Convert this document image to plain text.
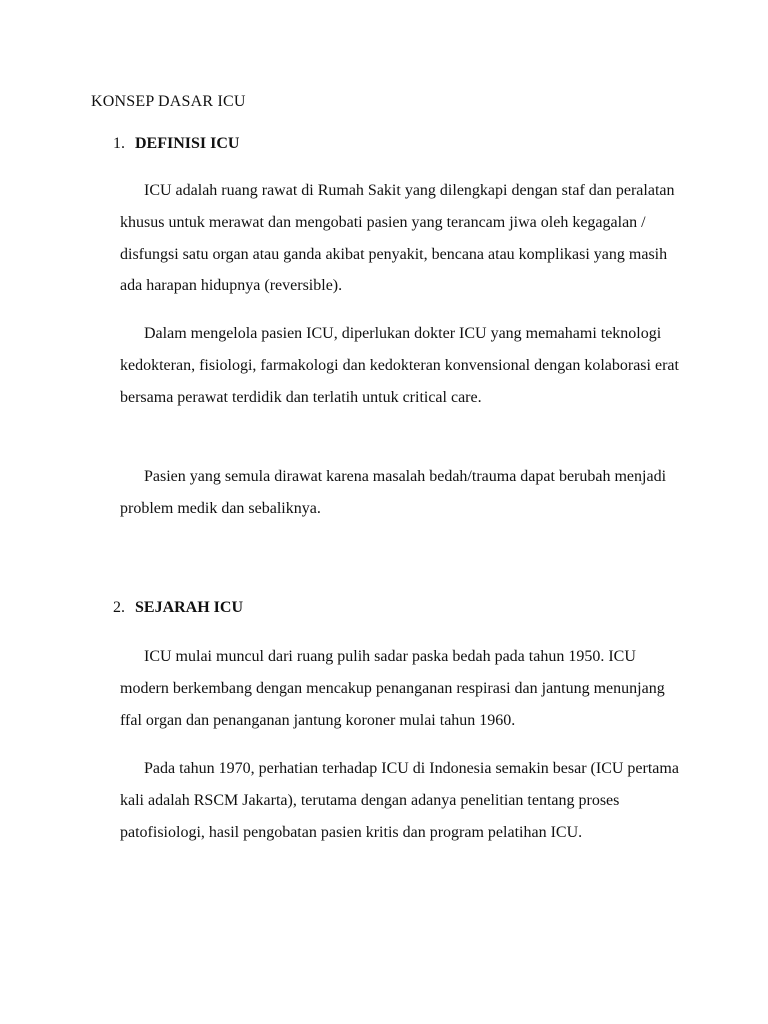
KONSEP DASAR ICU
1. DEFINISI ICU

ICU adalah ruang rawat di Rumah Sakit yang dilengkapi dengan staf dan peralatan khusus untuk merawat dan mengobati pasien yang terancam jiwa oleh kegagalan / disfungsi satu organ atau ganda akibat penyakit, bencana atau komplikasi yang masih ada harapan hidupnya (reversible).

Dalam mengelola pasien ICU, diperlukan dokter ICU yang memahami teknologi kedokteran, fisiologi, farmakologi dan kedokteran konvensional dengan kolaborasi erat bersama perawat terdidik dan terlatih untuk critical care.

Pasien yang semula dirawat karena masalah bedah/trauma dapat berubah menjadi problem medik dan sebaliknya.

2. SEJARAH ICU

ICU mulai muncul dari ruang pulih sadar paska bedah pada tahun 1950. ICU modern berkembang dengan mencakup penanganan respirasi dan jantung menunjang ffal organ dan penanganan jantung koroner mulai tahun 1960.

Pada tahun 1970, perhatian terhadap ICU di Indonesia semakin besar (ICU pertama kali adalah RSCM Jakarta), terutama dengan adanya penelitian tentang proses patofisiologi, hasil pengobatan pasien kritis dan program pelatihan ICU.
